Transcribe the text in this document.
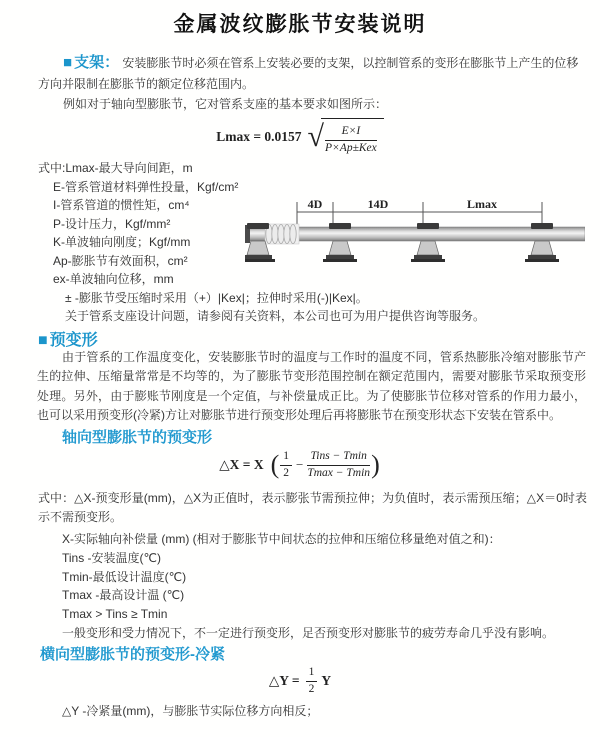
金属波纹膨胀节安装说明
■ 支架： 安装膨胀节时必须在管系上安装必要的支架，以控制管系的变形在膨胀节上产生的位移方向并限制在膨胀节的额定位移范围内。
例如对于轴向型膨胀节，它对管系支座的基本要求如图所示：
Lmax = 0.0157 √ $\frac{E\times I}{\text{P×Ap±Kex}}$
式中:Lmax-最大导向间距，m
E-管系管道材料弹性投量，Kgf/cm²
I-管系管道的惯性矩，cm⁴
P-设计压力，Kgf/mm²
K-单波轴向刚度；Kgf/mm
Ap-膨胀节有效面积，cm²
ex-单波轴向位移，mm
± -膨胀节受压缩时采用（+）|Kex|；拉伸时采用(-)|Kex|。
关于管系支座设计问题，请参阅有关资料，本公司也可为用户提供咨询等服务。
4D	14D	Lmax
■ 预变形
由于管系的工作温度变化，安装膨胀节时的温度与工作时的温度不同，管系热膨胀冷缩对膨胀节产生的拉伸、压缩量常常是不均等的，为了膨胀节变形范围控制在额定范围内，需要对膨胀节采取预变形处理。另外，由于膨账节刚度是一个定值，与补偿量成正比。为了使膨胀节位移对管系的作用力最小，也可以采用预变形(冷紧)方让对膨胀节进行预变形处理后再将膨胀节在预变形状态下安装在管系中。
轴向型膨胀节的预变形
△X = X ( $\frac{1}{2} - \frac{\text{Tins − Tmin}}{Tmax - Tmin}$ )
式中：△X-预变形量(mm)，△X为正值时，表示膨张节需预拉伸；为负值时，表示需预压缩；△X＝0时表示不需预变形。
X-实际轴向补偿量 (mm) (相对于膨胀节中间状态的拉伸和压缩位移量绝对值之和)：
Tins -安装温度(℃)
Tmin-最低设计温度(℃)
Tmax -最高设计温 (℃)
Tmax > Tins ≥ Tmin
一般变形和受力情况下，不一定进行预变形，足否预变形对膨胀节的疲劳寿命几乎没有影响。
横向型膨胀节的预变形-冷紧
△Y = $\frac{1}{2}$ Y
△Y -冷紧量(mm)，与膨胀节实际位移方向相反；
